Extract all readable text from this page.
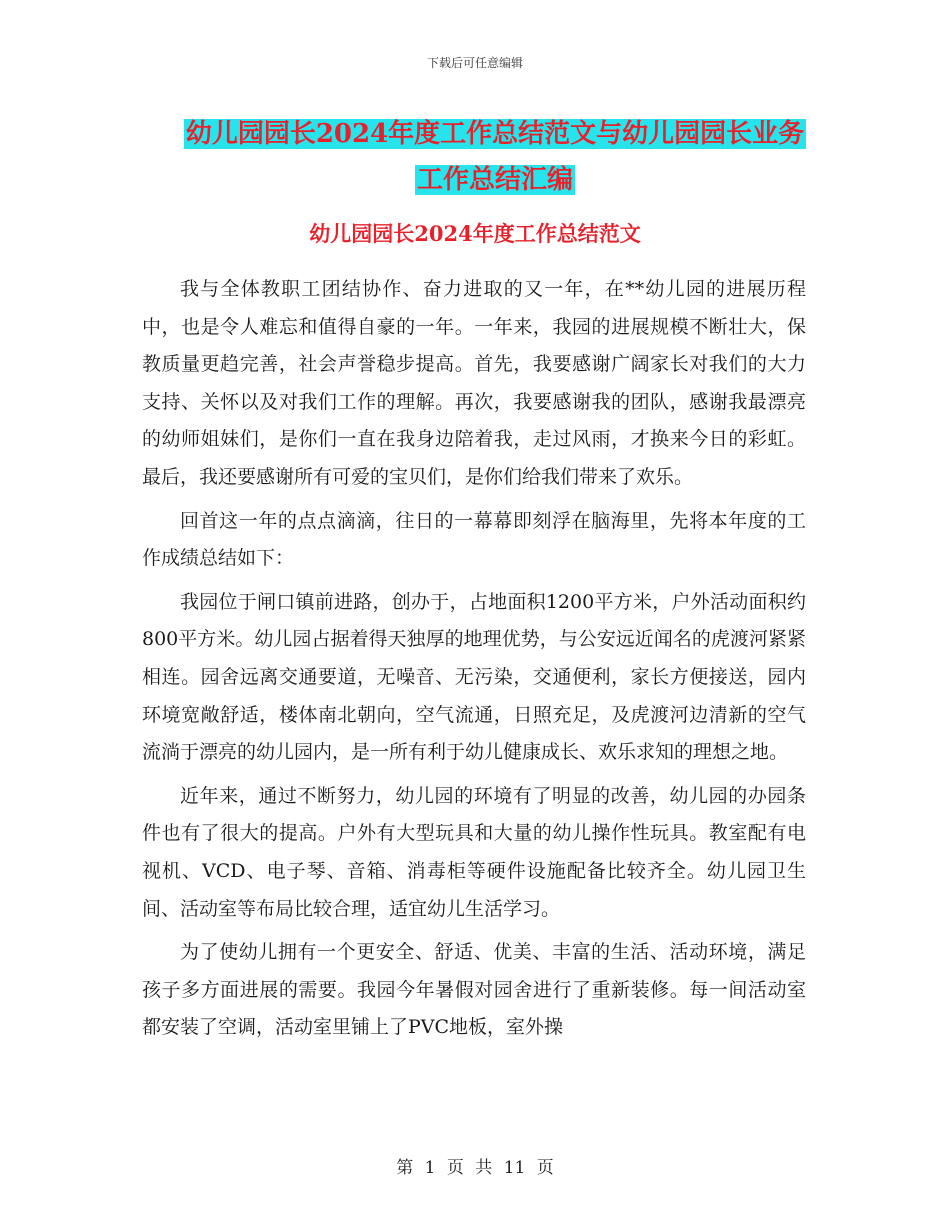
下载后可任意编辑
幼儿园园长2024年度工作总结范文与幼儿园园长业务
工作总结汇编
幼儿园园长2024年度工作总结范文

我与全体教职工团结协作、奋力进取的又一年，在**幼儿园的进展历程中，也是令人难忘和值得自豪的一年。一年来，我园的进展规模不断壮大，保教质量更趋完善，社会声誉稳步提高。首先，我要感谢广阔家长对我们的大力支持、关怀以及对我们工作的理解。再次，我要感谢我的团队，感谢我最漂亮的幼师姐妹们，是你们一直在我身边陪着我，走过风雨，才换来今日的彩虹。最后，我还要感谢所有可爱的宝贝们，是你们给我们带来了欢乐。

回首这一年的点点滴滴，往日的一幕幕即刻浮在脑海里，先将本年度的工作成绩总结如下：

我园位于闸口镇前进路，创办于，占地面积1200平方米，户外活动面积约800平方米。幼儿园占据着得天独厚的地理优势，与公安远近闻名的虎渡河紧紧相连。园舍远离交通要道，无噪音、无污染，交通便利，家长方便接送，园内环境宽敞舒适，楼体南北朝向，空气流通，日照充足，及虎渡河边清新的空气流淌于漂亮的幼儿园内，是一所有利于幼儿健康成长、欢乐求知的理想之地。

近年来，通过不断努力，幼儿园的环境有了明显的改善，幼儿园的办园条件也有了很大的提高。户外有大型玩具和大量的幼儿操作性玩具。教室配有电视机、VCD、电子琴、音箱、消毒柜等硬件设施配备比较齐全。幼儿园卫生间、活动室等布局比较合理，适宜幼儿生活学习。

为了使幼儿拥有一个更安全、舒适、优美、丰富的生活、活动环境，满足孩子多方面进展的需要。我园今年暑假对园舍进行了重新装修。每一间活动室都安装了空调，活动室里铺上了PVC地板，室外操

第 1 页 共 11 页
